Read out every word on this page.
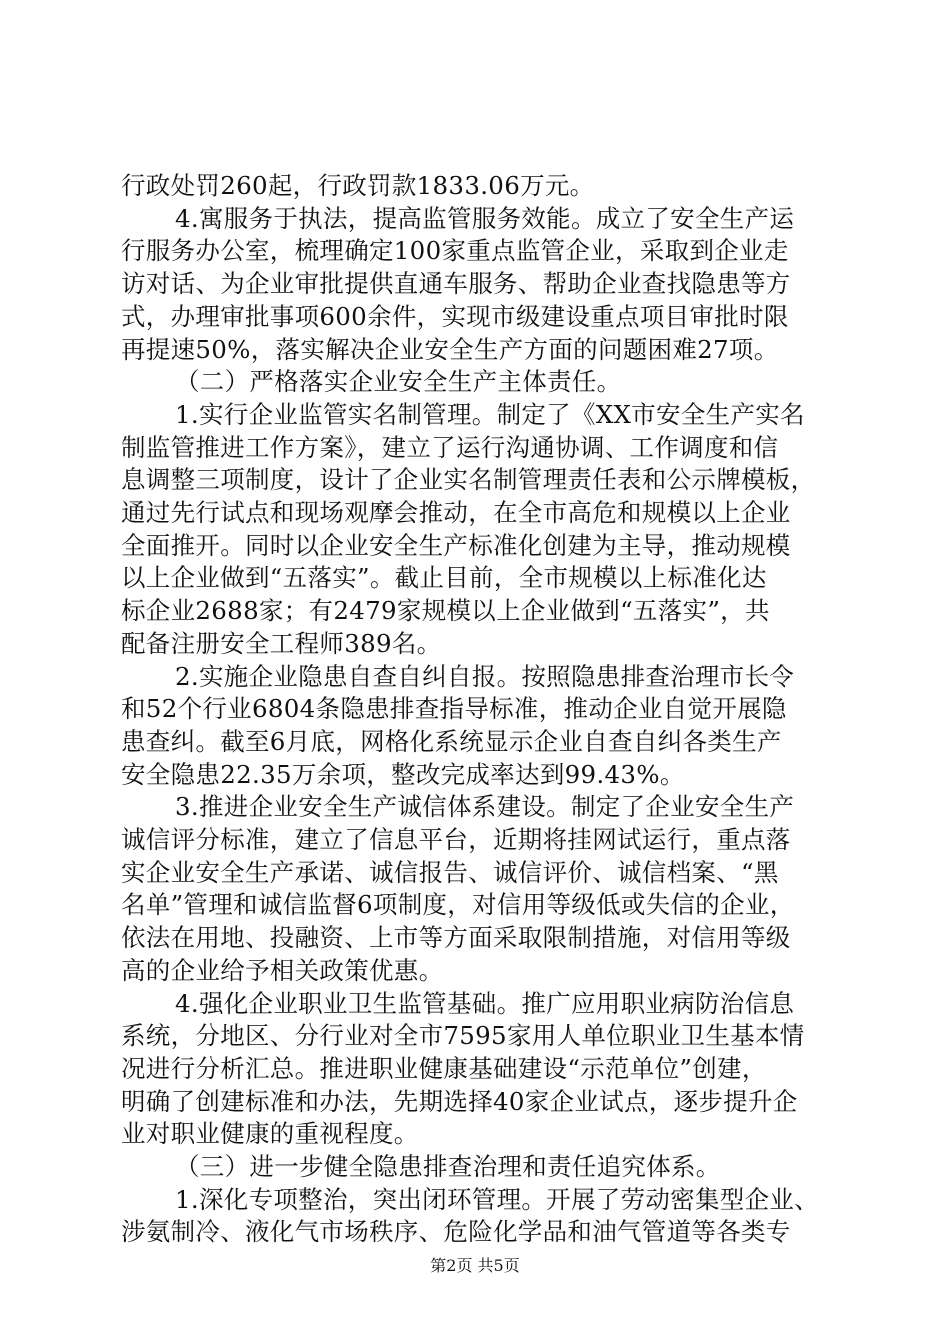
行政处罚260起，行政罚款1833.06万元。
4.寓服务于执法，提高监管服务效能。成立了安全生产运
行服务办公室，梳理确定100家重点监管企业，采取到企业走
访对话、为企业审批提供直通车服务、帮助企业查找隐患等方
式，办理审批事项600余件，实现市级建设重点项目审批时限
再提速50%，落实解决企业安全生产方面的问题困难27项。
（二）严格落实企业安全生产主体责任。
1.实行企业监管实名制管理。制定了《XX市安全生产实名
制监管推进工作方案》，建立了运行沟通协调、工作调度和信
息调整三项制度，设计了企业实名制管理责任表和公示牌模板，
通过先行试点和现场观摩会推动，在全市高危和规模以上企业
全面推开。同时以企业安全生产标准化创建为主导，推动规模
以上企业做到“五落实”。截止目前，全市规模以上标准化达
标企业2688家；有2479家规模以上企业做到“五落实”，共
配备注册安全工程师389名。
2.实施企业隐患自查自纠自报。按照隐患排查治理市长令
和52个行业6804条隐患排查指导标准，推动企业自觉开展隐
患查纠。截至6月底，网格化系统显示企业自查自纠各类生产
安全隐患22.35万余项，整改完成率达到99.43%。
3.推进企业安全生产诚信体系建设。制定了企业安全生产
诚信评分标准，建立了信息平台，近期将挂网试运行，重点落
实企业安全生产承诺、诚信报告、诚信评价、诚信档案、“黑
名单”管理和诚信监督6项制度，对信用等级低或失信的企业，
依法在用地、投融资、上市等方面采取限制措施，对信用等级
高的企业给予相关政策优惠。
4.强化企业职业卫生监管基础。推广应用职业病防治信息
系统，分地区、分行业对全市7595家用人单位职业卫生基本情
况进行分析汇总。推进职业健康基础建设“示范单位”创建，
明确了创建标准和办法，先期选择40家企业试点，逐步提升企
业对职业健康的重视程度。
（三）进一步健全隐患排查治理和责任追究体系。
1.深化专项整治，突出闭环管理。开展了劳动密集型企业、
涉氨制冷、液化气市场秩序、危险化学品和油气管道等各类专
第2页 共5页
